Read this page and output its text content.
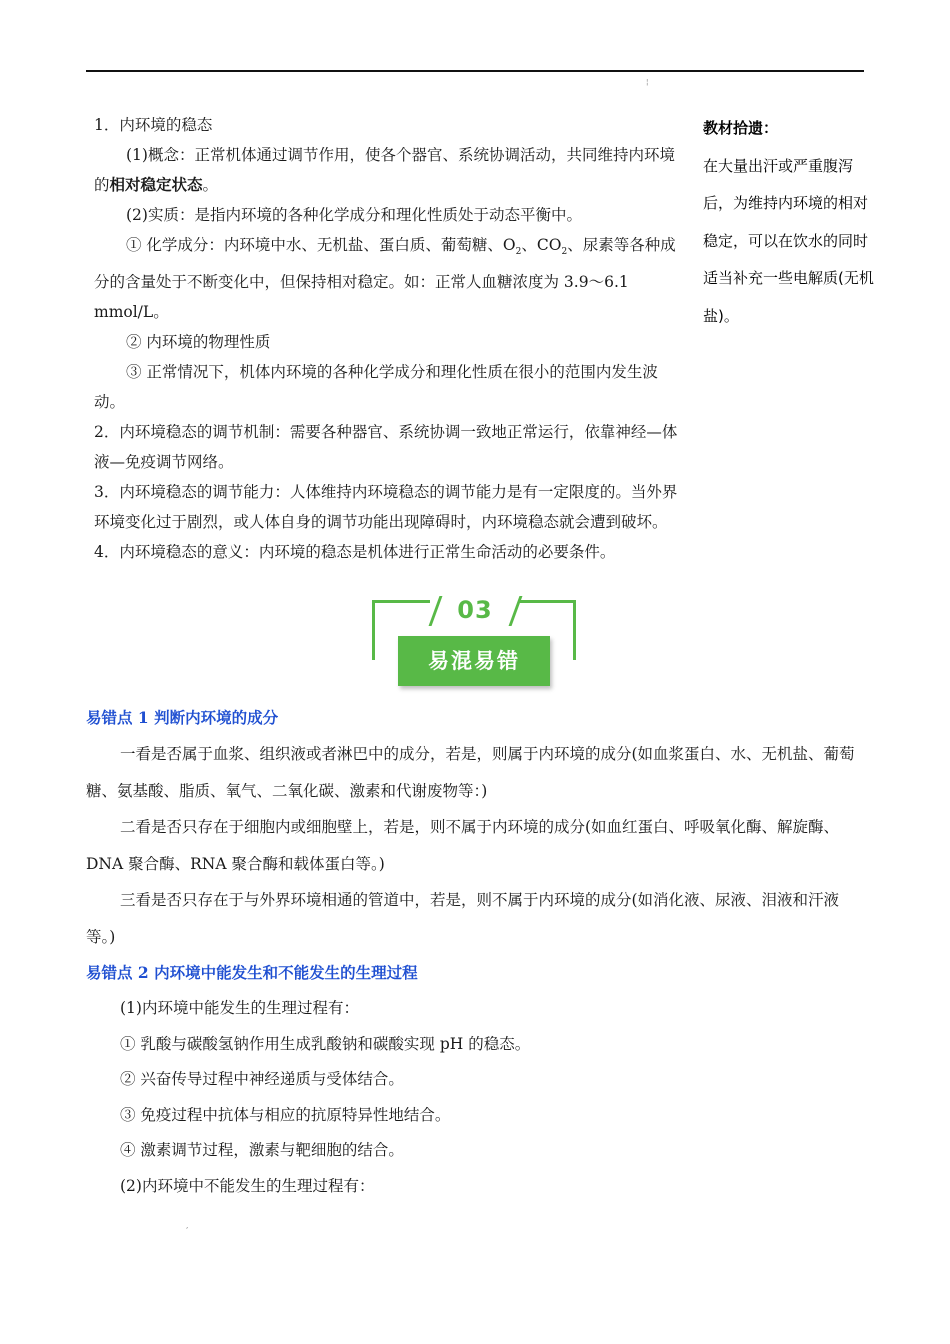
¦

1．内环境的稳态

(1)概念：正常机体通过调节作用，使各个器官、系统协调活动，共同维持内环境的相对稳定状态。

(2)实质：是指内环境的各种化学成分和理化性质处于动态平衡中。

① 化学成分：内环境中水、无机盐、蛋白质、葡萄糖、$O_2$、$CO_2$、尿素等各种成分的含量处于不断变化中，但保持相对稳定。如：正常人血糖浓度为 3.9～6.1 mmol/L。

② 内环境的物理性质

③ 正常情况下，机体内环境的各种化学成分和理化性质在很小的范围内发生波动。

2．内环境稳态的调节机制：需要各种器官、系统协调一致地正常运行，依靠神经—体液—免疫调节网络。

3．内环境稳态的调节能力：人体维持内环境稳态的调节能力是有一定限度的。当外界环境变化过于剧烈，或人体自身的调节功能出现障碍时，内环境稳态就会遭到破坏。

4．内环境稳态的意义：内环境的稳态是机体进行正常生命活动的必要条件。

教材拾遗：
在大量出汗或严重腹泻后，为维持内环境的相对稳定，可以在饮水的同时适当补充一些电解质(无机盐)。
03
易混易错

易错点 1 判断内环境的成分

一看是否属于血浆、组织液或者淋巴中的成分，若是，则属于内环境的成分(如血浆蛋白、水、无机盐、葡萄糖、氨基酸、脂质、氧气、二氧化碳、激素和代谢废物等：)

二看是否只存在于细胞内或细胞壁上，若是，则不属于内环境的成分(如血红蛋白、呼吸氧化酶、解旋酶、DNA 聚合酶、RNA 聚合酶和载体蛋白等。)

三看是否只存在于与外界环境相通的管道中，若是，则不属于内环境的成分(如消化液、尿液、泪液和汗液等。)

易错点 2 内环境中能发生和不能发生的生理过程

(1)内环境中能发生的生理过程有：

① 乳酸与碳酸氢钠作用生成乳酸钠和碳酸实现 pH 的稳态。

② 兴奋传导过程中神经递质与受体结合。

③ 免疫过程中抗体与相应的抗原特异性地结合。

④ 激素调节过程，激素与靶细胞的结合。

(2)内环境中不能发生的生理过程有：

‚
